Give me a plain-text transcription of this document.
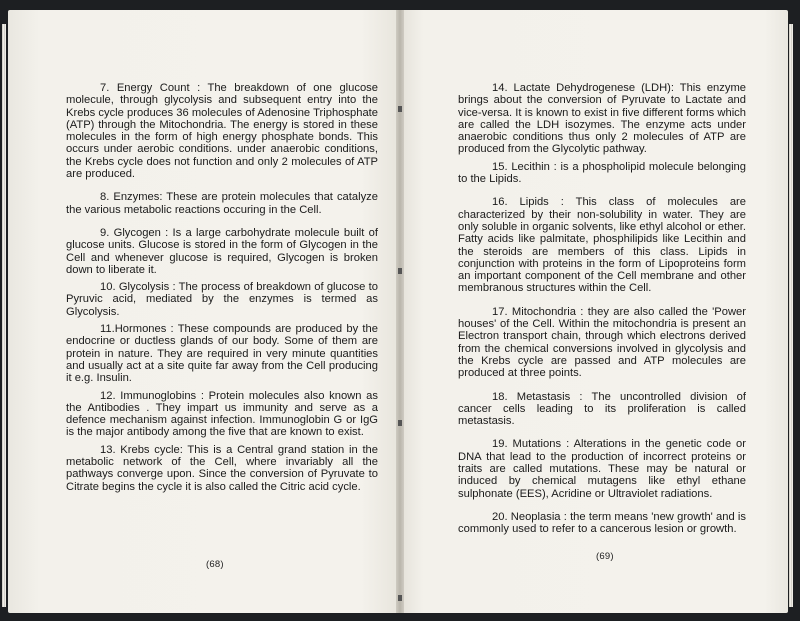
7. Energy Count : The breakdown of one glucose molecule, through glycolysis and subsequent entry into the Krebs cycle produces 36 molecules of Adenosine Triphosphate (ATP) through the Mitochondria. The energy is stored in these molecules in the form of high energy phosphate bonds. This occurs under aerobic conditions. under anaerobic conditions, the Krebs cycle does not function and only 2 molecules of ATP are produced.

8. Enzymes: These are protein molecules that catalyze the various metabolic reactions occuring in the Cell.

9. Glycogen : Is a large carbohydrate molecule built of glucose units. Glucose is stored in the form of Glycogen in the Cell and whenever glucose is required, Glycogen is broken down to liberate it.

10. Glycolysis : The process of breakdown of glucose to Pyruvic acid, mediated by the enzymes is termed as Glycolysis.

11.Hormones : These compounds are produced by the endocrine or ductless glands of our body. Some of them are protein in nature. They are required in very minute quantities and usually act at a site quite far away from the Cell producing it e.g. Insulin.

12. Immunoglobins : Protein molecules also known as the Antibodies . They impart us immunity and serve as a defence mechanism against infection. Immunoglobin G or IgG is the major antibody among the five that are known to exist.

13. Krebs cycle: This is a Central grand station in the metabolic network of the Cell, where invariably all the pathways converge upon. Since the conversion of Pyruvate to Citrate begins the cycle it is also called the Citric acid cycle.

(68)

14. Lactate Dehydrogenese (LDH): This enzyme brings about the conversion of Pyruvate to Lactate and vice-versa. It is known to exist in five different forms which are called the LDH isozymes. The enzyme acts under anaerobic conditions thus only 2 molecules of ATP are produced from the Glycolytic pathway.

15. Lecithin : is a phospholipid molecule belonging to the Lipids.

16. Lipids : This class of molecules are characterized by their non-solubility in water. They are only soluble in organic solvents, like ethyl alcohol or ether. Fatty acids like palmitate, phosphilipids like Lecithin and the steroids are members of this class. Lipids in conjunction with proteins in the form of Lipoproteins form an important component of the Cell membrane and other membranous structures within the Cell.

17. Mitochondria : they are also called the 'Power houses' of the Cell. Within the mitochondria is present an Electron transport chain, through which electrons derived from the chemical conversions involved in glycolysis and the Krebs cycle are passed and ATP molecules are produced at three points.

18. Metastasis : The uncontrolled division of cancer cells leading to its proliferation is called metastasis.

19. Mutations : Alterations in the genetic code or DNA that lead to the production of incorrect proteins or traits are called mutations. These may be natural or induced by chemical mutagens like ethyl ethane sulphonate (EES), Acridine or Ultraviolet radiations.

20. Neoplasia : the term means 'new growth' and is commonly used to refer to a cancerous lesion or growth.

(69)
